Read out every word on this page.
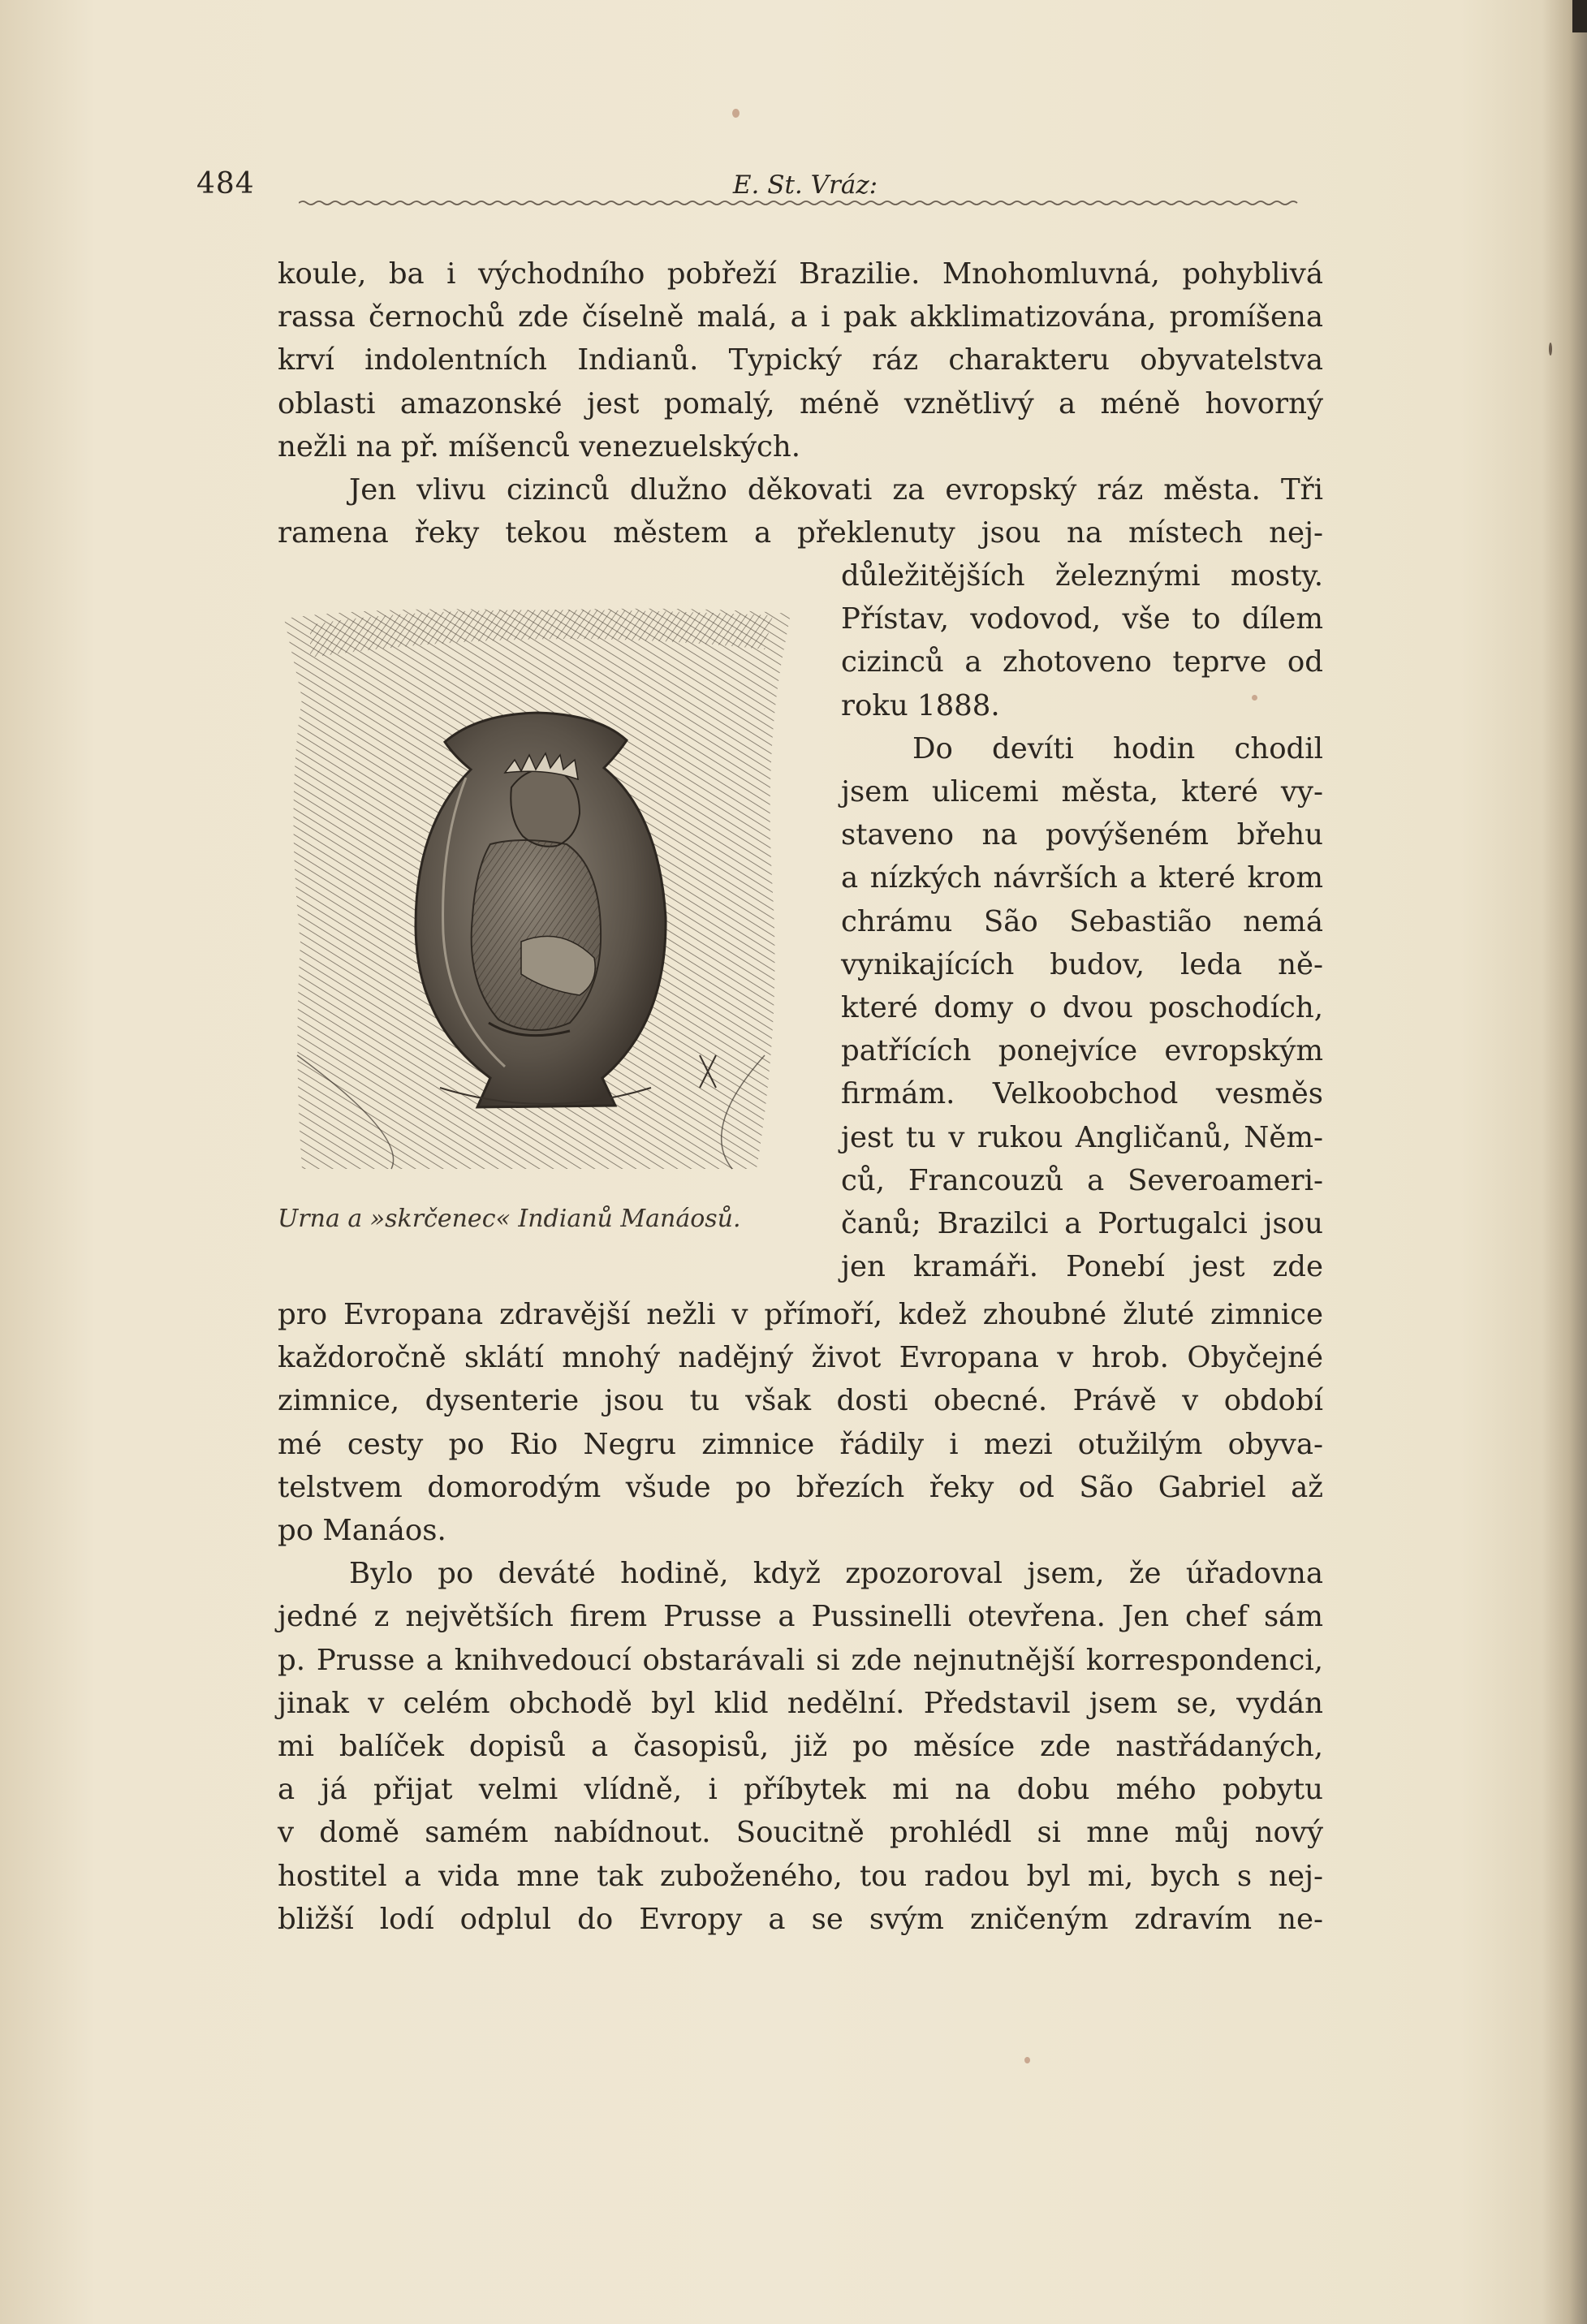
484	E. St. Vráz:

koule, ba i východního pobřeží Brazilie. Mnohomluvná, pohyblivá

rassa černochů zde číselně malá, a i pak akklimatizována, promíšena

krví indolentních Indianů. Typický ráz charakteru obyvatelstva

oblasti amazonské jest pomalý, méně vznětlivý a méně hovorný

nežli na př. míšenců venezuelských.

Jen vlivu cizinců dlužno děkovati za evropský ráz města. Tři

ramena řeky tekou městem a překlenuty jsou na místech nej-

důležitějších železnými mosty.

Přístav, vodovod, vše to dílem

cizinců a zhotoveno teprve od

roku 1888.

Do devíti hodin chodil

jsem ulicemi města, které vy-

staveno na povýšeném břehu

a nízkých návrších a které krom

chrámu São Sebastião nemá

vynikajících budov, leda ně-

které domy o dvou poschodích,

patřících ponejvíce evropským

firmám. Velkoobchod vesměs

jest tu v rukou Angličanů, Něm-

ců, Francouzů a Severoameri-

čanů; Brazilci a Portugalci jsou

jen kramáři. Ponebí jest zde

pro Evropana zdravější nežli v přímoří, kdež zhoubné žluté zimnice

každoročně sklátí mnohý nadějný život Evropana v hrob. Obyčejné

zimnice, dysenterie jsou tu však dosti obecné. Právě v období

mé cesty po Rio Negru zimnice řádily i mezi otužilým obyva-

telstvem domorodým všude po březích řeky od São Gabriel až

po Manáos.

Bylo po deváté hodině, když zpozoroval jsem, že úřadovna

jedné z největších firem Prusse a Pussinelli otevřena. Jen chef sám

p. Prusse a knihvedoucí obstarávali si zde nejnutnější korrespondenci,

jinak v celém obchodě byl klid nedělní. Představil jsem se, vydán

mi balíček dopisů a časopisů, již po měsíce zde nastřádaných,

a já přijat velmi vlídně, i příbytek mi na dobu mého pobytu

v domě samém nabídnout. Soucitně prohlédl si mne můj nový

hostitel a vida mne tak zuboženého, tou radou byl mi, bych s nej-

bližší lodí odplul do Evropy a se svým zničeným zdravím ne-

Urna a »skrčenec« Indianů Manáosů.
